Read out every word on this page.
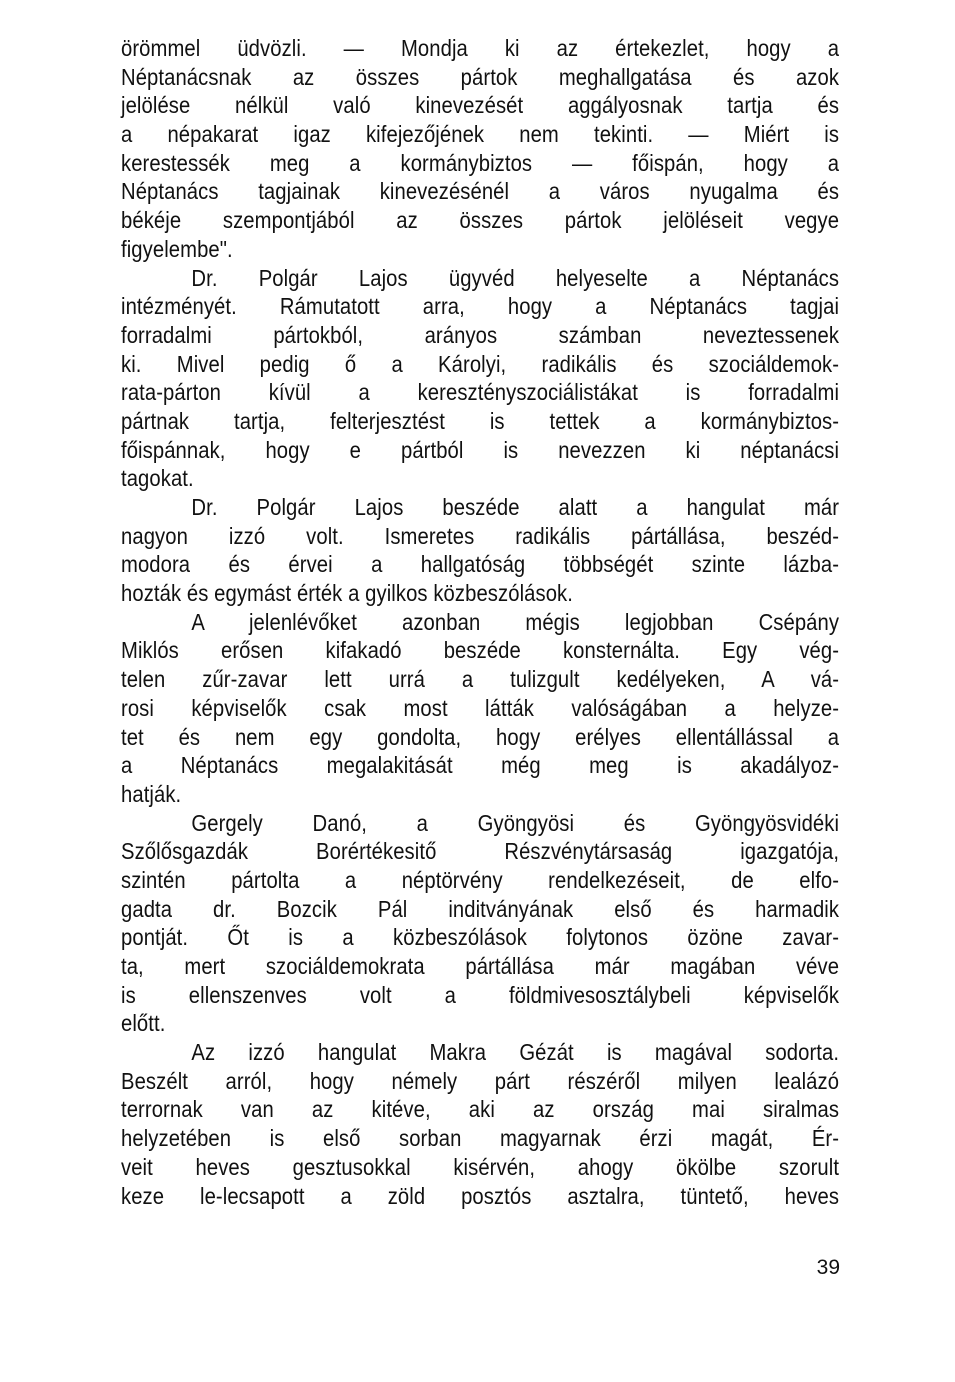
örömmel üdvözli. — Mondja ki az értekezlet, hogy a
Néptanácsnak az összes pártok meghallgatása és azok
jelölése nélkül való kinevezését aggályosnak tartja és
a népakarat igaz kifejezőjének nem tekinti. — Miért is
kerestessék meg a kormánybiztos — főispán, hogy a
Néptanács tagjainak kinevezésénél a város nyugalma és
békéje szempontjából az összes pártok jelöléseit vegye
figyelembe".
Dr. Polgár Lajos ügyvéd helyeselte a Néptanács
intézményét. Rámutatott arra, hogy a Néptanács tagjai
forradalmi pártokból, arányos számban neveztessenek
ki. Mivel pedig ő a Károlyi, radikális és szociáldemok-
rata-párton kívül a keresztényszociálistákat is forradalmi
pártnak tartja, felterjesztést is tettek a kormánybiztos-
főispánnak, hogy e pártból is nevezzen ki néptanácsi
tagokat.
Dr. Polgár Lajos beszéde alatt a hangulat már
nagyon izzó volt. Ismeretes radikális pártállása, beszéd-
modora és érvei a hallgatóság többségét szinte lázba-
hozták és egymást érték a gyilkos közbeszólások.
A jelenlévőket azonban mégis legjobban Csépány
Miklós erősen kifakadó beszéde konsternálta. Egy vég-
telen zűr-zavar lett urrá a tulizgult kedélyeken, A vá-
rosi képviselők csak most látták valóságában a helyze-
tet és nem egy gondolta, hogy erélyes ellentállással a
a Néptanács megalakitását még meg is akadályoz-
hatják.
Gergely Danó, a Gyöngyösi és Gyöngyösvidéki
Szőlősgazdák Borértékesitő Részvénytársaság igazgatója,
szintén pártolta a néptörvény rendelkezéseit, de elfo-
gadta dr. Bozcik Pál inditványának első és harmadik
pontját. Őt is a közbeszólások folytonos özöne zavar-
ta, mert szociáldemokrata pártállása már magában véve
is ellenszenves volt a földmivesosztálybeli képviselők
előtt.
Az izzó hangulat Makra Gézát is magával sodorta.
Beszélt arról, hogy némely párt részéről milyen lealázó
terrornak van az kitéve, aki az ország mai siralmas
helyzetében is első sorban magyarnak érzi magát, Ér-
veit heves gesztusokkal kisérvén, ahogy ökölbe szorult
keze le-lecsapott a zöld posztós asztalra, tüntető, heves
39
